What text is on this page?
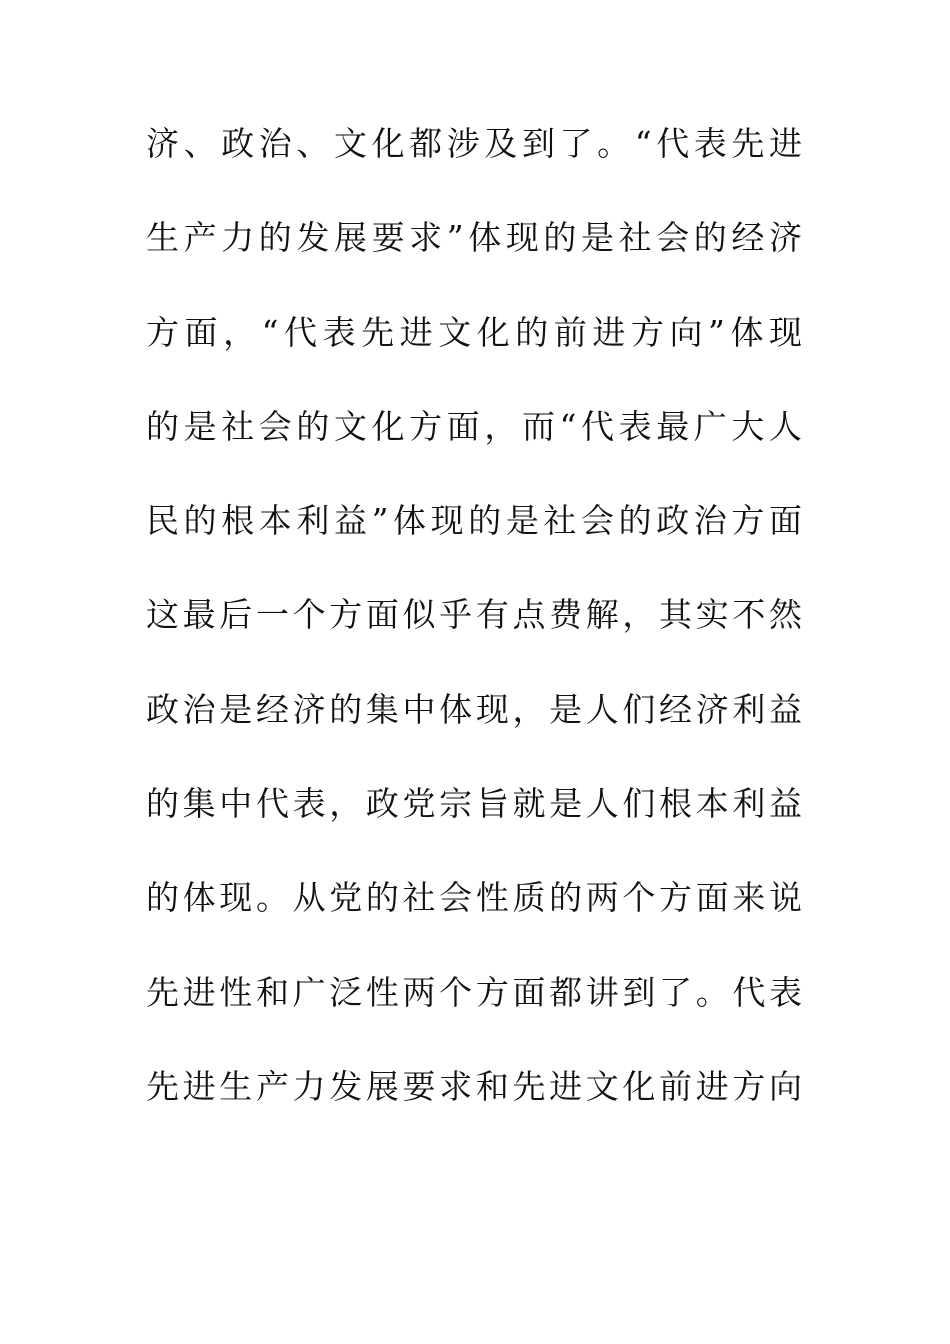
济、政治、文化都涉及到了。“代表先进
生产力的发展要求”体现的是社会的经济
方面，“代表先进文化的前进方向”体现
的是社会的文化方面，而“代表最广大人
民的根本利益”体现的是社会的政治方面
这最后一个方面似乎有点费解，其实不然
政治是经济的集中体现，是人们经济利益
的集中代表，政党宗旨就是人们根本利益
的体现。从党的社会性质的两个方面来说
先进性和广泛性两个方面都讲到了。代表
先进生产力发展要求和先进文化前进方向
